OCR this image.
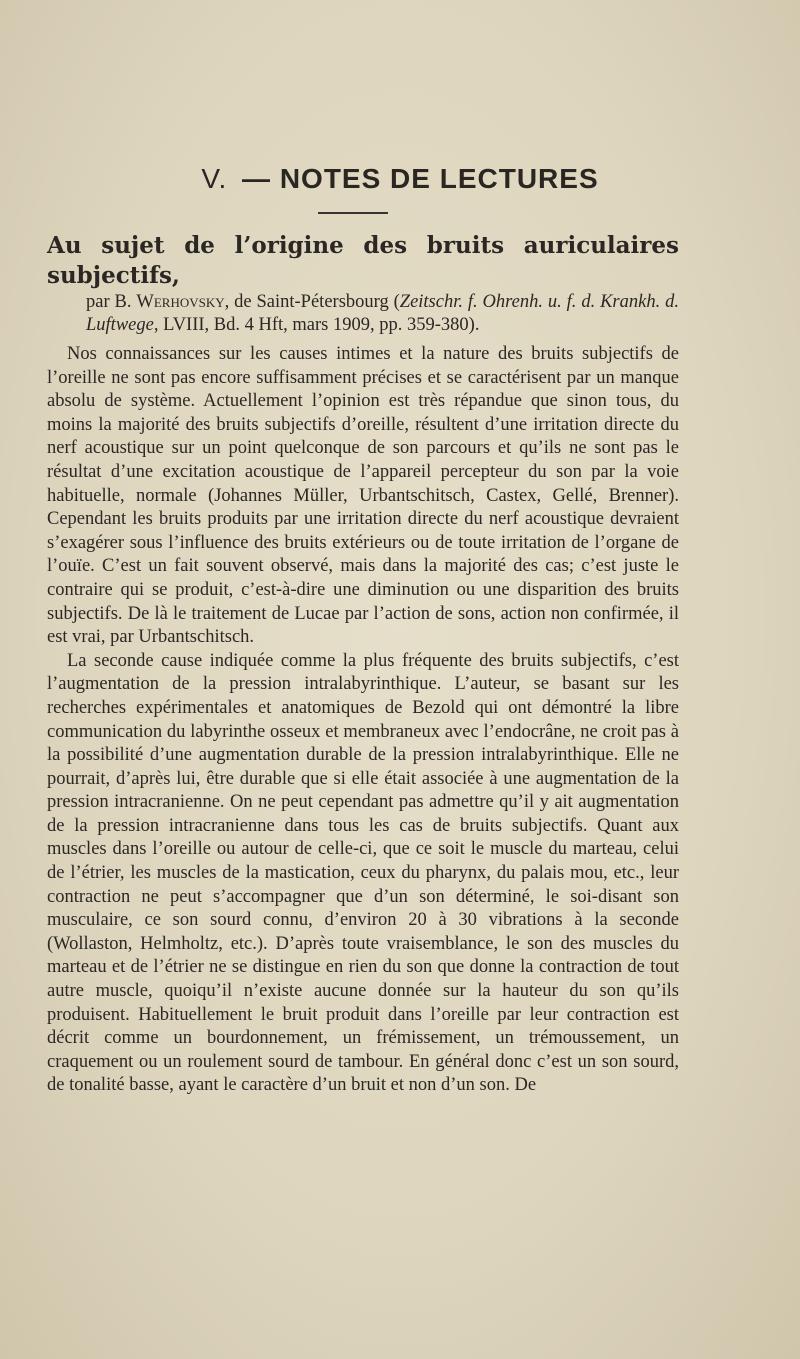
V. — NOTES DE LECTURES

Au sujet de l’origine des bruits auriculaires subjectifs,

par B. Werhovsky, de Saint-Pétersbourg (Zeitschr. f. Ohrenh. u. f. d. Krankh. d. Luftwege, LVIII, Bd. 4 Hft, mars 1909, pp. 359-380).

Nos connaissances sur les causes intimes et la nature des bruits subjectifs de l’oreille ne sont pas encore suffisamment précises et se caractérisent par un manque absolu de système. Actuellement l’opinion est très répandue que sinon tous, du moins la majorité des bruits subjectifs d’oreille, résultent d’une irritation directe du nerf acoustique sur un point quelconque de son parcours et qu’ils ne sont pas le résultat d’une excitation acoustique de l’appareil percepteur du son par la voie habituelle, normale (Johannes Müller, Urbantschitsch, Castex, Gellé, Brenner). Cependant les bruits produits par une irritation directe du nerf acoustique devraient s’exagérer sous l’influence des bruits extérieurs ou de toute irritation de l’organe de l’ouïe. C’est un fait souvent observé, mais dans la majorité des cas; c’est juste le contraire qui se produit, c’est-à-dire une diminution ou une disparition des bruits subjectifs. De là le traitement de Lucae par l’action de sons, action non confirmée, il est vrai, par Urbantschitsch.

La seconde cause indiquée comme la plus fréquente des bruits subjectifs, c’est l’augmentation de la pression intralabyrinthique. L’auteur, se basant sur les recherches expérimentales et anatomiques de Bezold qui ont démontré la libre communication du labyrinthe osseux et membraneux avec l’endocrâne, ne croit pas à la possibilité d’une augmentation durable de la pression intralabyrinthique. Elle ne pourrait, d’après lui, être durable que si elle était associée à une augmentation de la pression intracranienne. On ne peut cependant pas admettre qu’il y ait augmentation de la pression intracranienne dans tous les cas de bruits subjectifs. Quant aux muscles dans l’oreille ou autour de celle-ci, que ce soit le muscle du marteau, celui de l’étrier, les muscles de la mastication, ceux du pharynx, du palais mou, etc., leur contraction ne peut s’accompagner que d’un son déterminé, le soi-disant son musculaire, ce son sourd connu, d’environ 20 à 30 vibrations à la seconde (Wollaston, Helmholtz, etc.). D’après toute vraisemblance, le son des muscles du marteau et de l’étrier ne se distingue en rien du son que donne la contraction de tout autre muscle, quoiqu’il n’existe aucune donnée sur la hauteur du son qu’ils produisent. Habituellement le bruit produit dans l’oreille par leur contraction est décrit comme un bourdonnement, un frémissement, un trémoussement, un craquement ou un roulement sourd de tambour. En général donc c’est un son sourd, de tonalité basse, ayant le caractère d’un bruit et non d’un son. De
